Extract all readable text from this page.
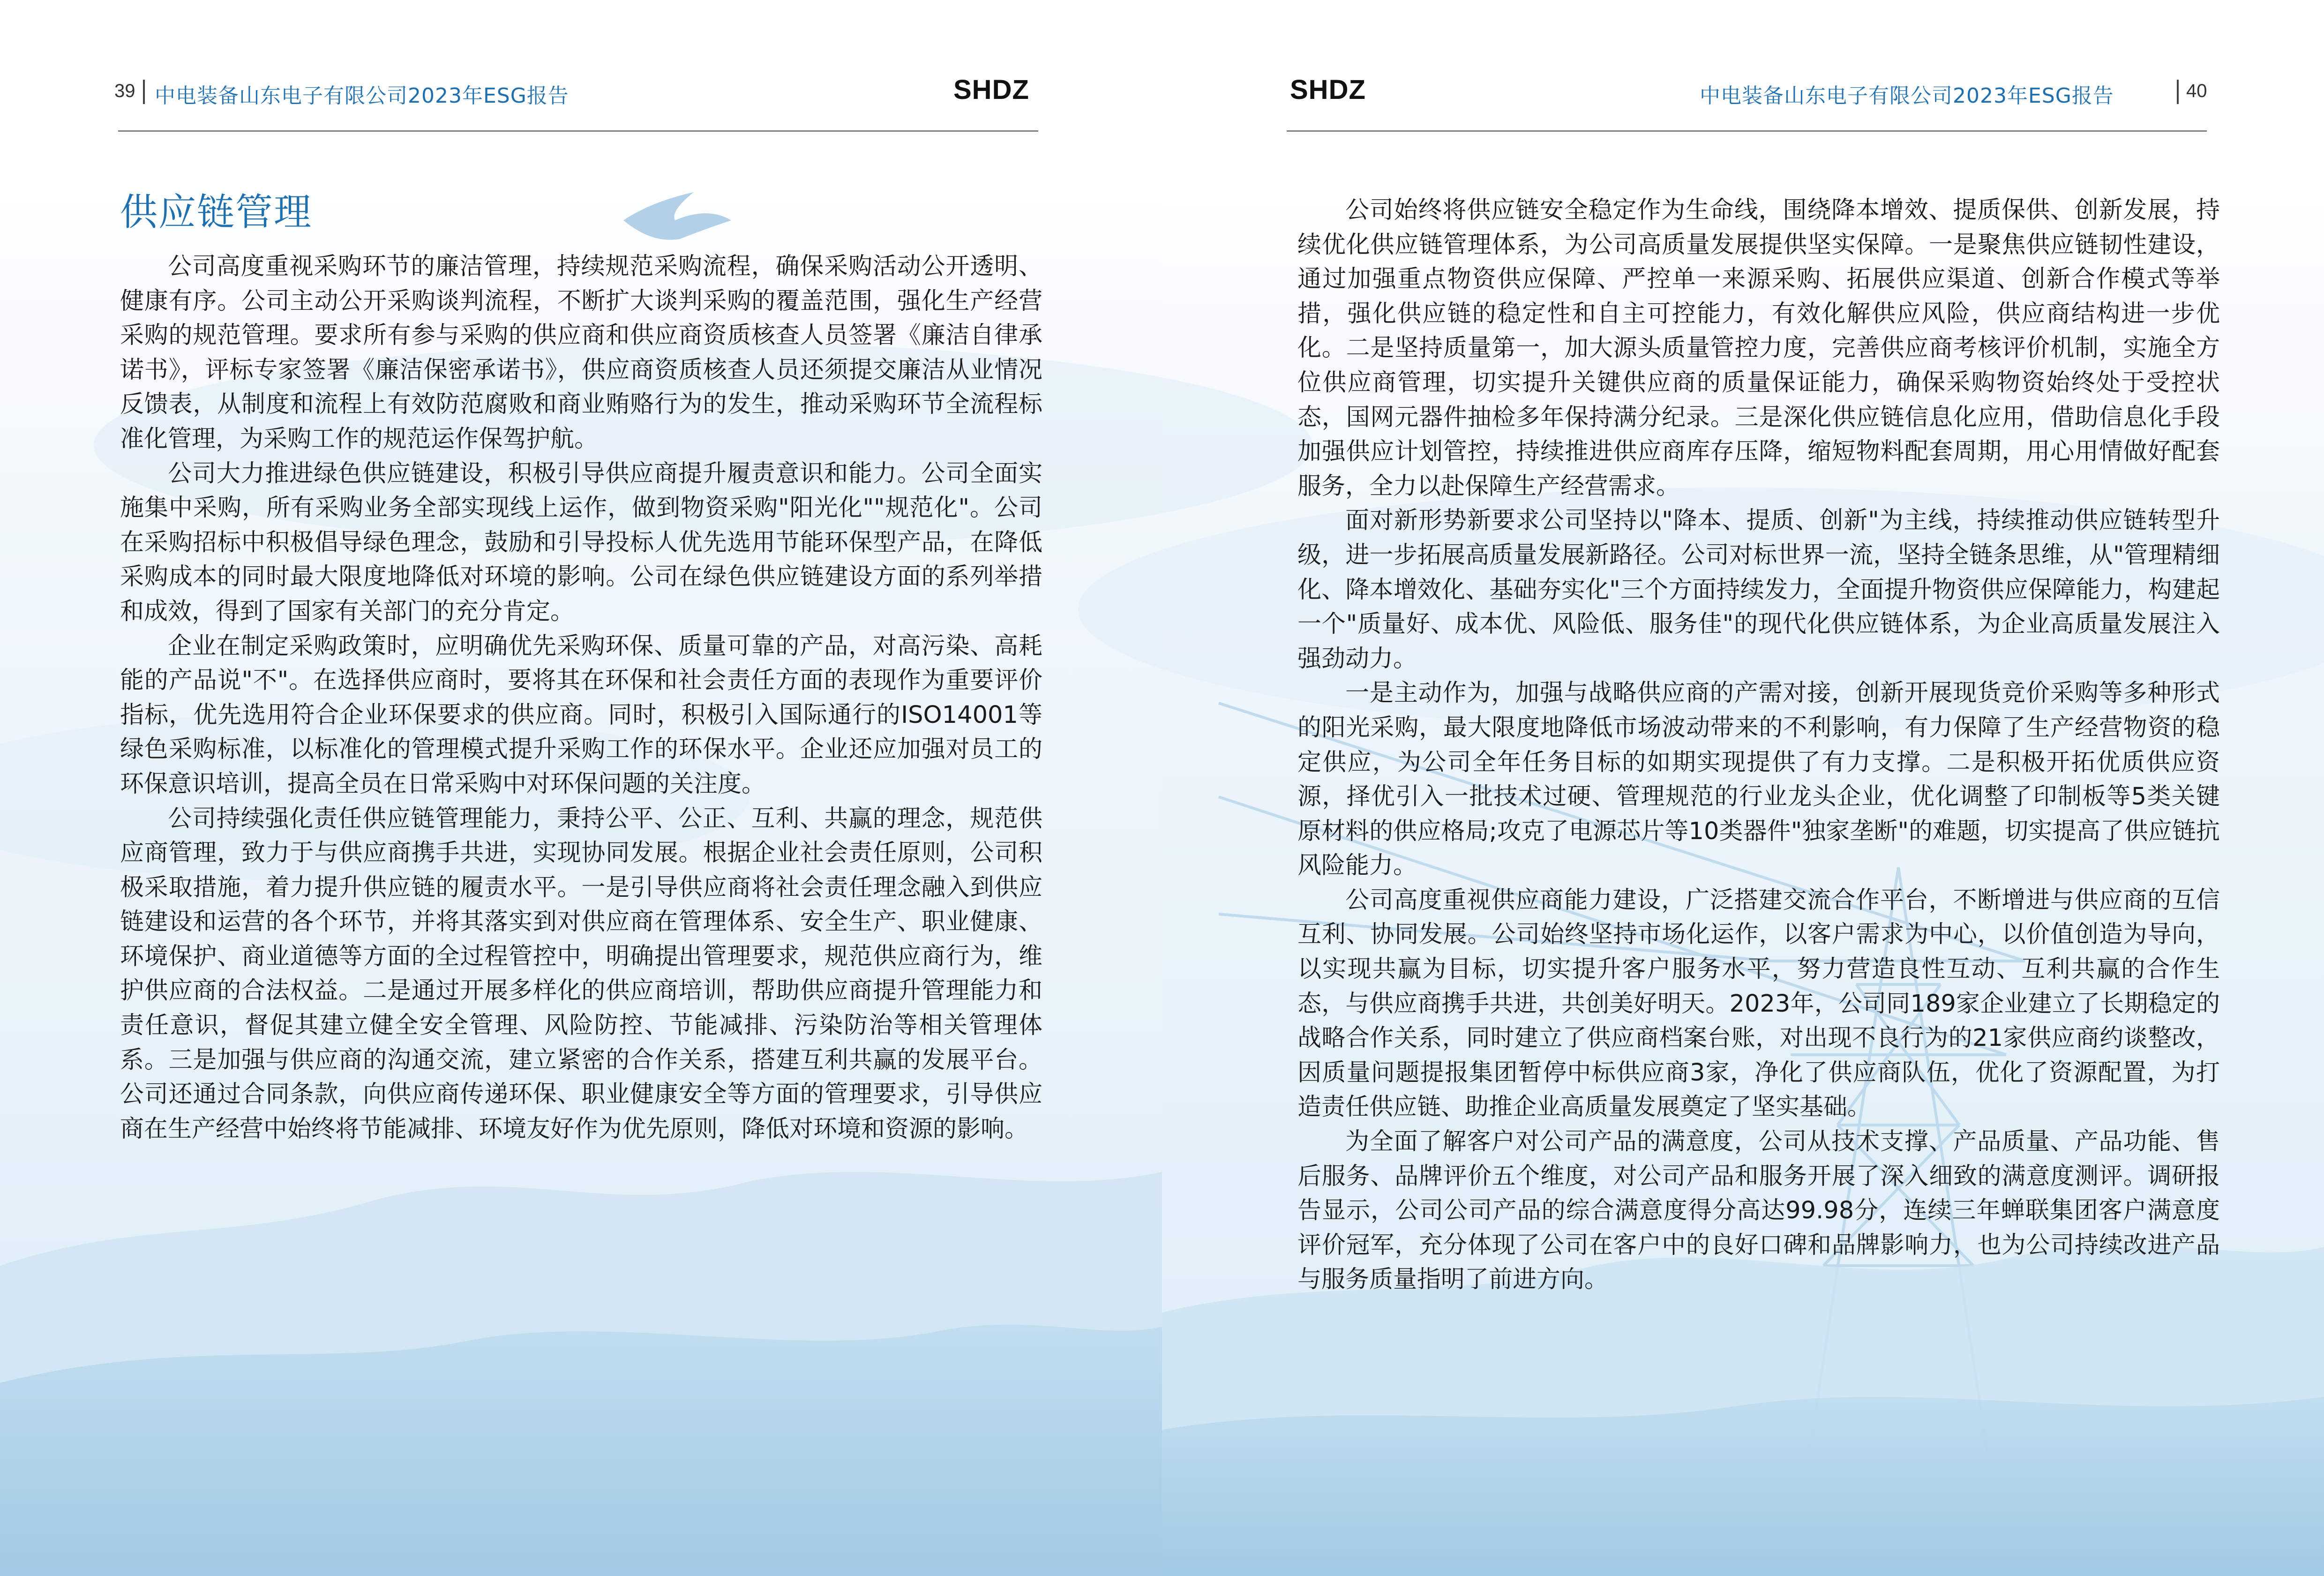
39 中电装备山东电子有限公司2023年ESG报告	SHDZ	SHDZ	中电装备山东电子有限公司2023年ESG报告	40
供应链管理

公司高度重视采购环节的廉洁管理，持续规范采购流程，确保采购活动公开透明、健康有序。公司主动公开采购谈判流程，不断扩大谈判采购的覆盖范围，强化生产经营采购的规范管理。要求所有参与采购的供应商和供应商资质核查人员签署《廉洁自律承诺书》，评标专家签署《廉洁保密承诺书》，供应商资质核查人员还须提交廉洁从业情况反馈表，从制度和流程上有效防范腐败和商业贿赂行为的发生，推动采购环节全流程标准化管理，为采购工作的规范运作保驾护航。

公司大力推进绿色供应链建设，积极引导供应商提升履责意识和能力。公司全面实施集中采购，所有采购业务全部实现线上运作，做到物资采购"阳光化""规范化"。公司在采购招标中积极倡导绿色理念，鼓励和引导投标人优先选用节能环保型产品，在降低采购成本的同时最大限度地降低对环境的影响。公司在绿色供应链建设方面的系列举措和成效，得到了国家有关部门的充分肯定。

企业在制定采购政策时，应明确优先采购环保、质量可靠的产品，对高污染、高耗能的产品说"不"。在选择供应商时，要将其在环保和社会责任方面的表现作为重要评价指标，优先选用符合企业环保要求的供应商。同时，积极引入国际通行的ISO14001等绿色采购标准，以标准化的管理模式提升采购工作的环保水平。企业还应加强对员工的环保意识培训，提高全员在日常采购中对环保问题的关注度。

公司持续强化责任供应链管理能力，秉持公平、公正、互利、共赢的理念，规范供应商管理，致力于与供应商携手共进，实现协同发展。根据企业社会责任原则，公司积极采取措施，着力提升供应链的履责水平。一是引导供应商将社会责任理念融入到供应链建设和运营的各个环节，并将其落实到对供应商在管理体系、安全生产、职业健康、环境保护、商业道德等方面的全过程管控中，明确提出管理要求，规范供应商行为，维护供应商的合法权益。二是通过开展多样化的供应商培训，帮助供应商提升管理能力和责任意识，督促其建立健全安全管理、风险防控、节能减排、污染防治等相关管理体系。三是加强与供应商的沟通交流，建立紧密的合作关系，搭建互利共赢的发展平台。公司还通过合同条款，向供应商传递环保、职业健康安全等方面的管理要求，引导供应商在生产经营中始终将节能减排、环境友好作为优先原则，降低对环境和资源的影响。

公司始终将供应链安全稳定作为生命线，围绕降本增效、提质保供、创新发展，持续优化供应链管理体系，为公司高质量发展提供坚实保障。一是聚焦供应链韧性建设，通过加强重点物资供应保障、严控单一来源采购、拓展供应渠道、创新合作模式等举措，强化供应链的稳定性和自主可控能力，有效化解供应风险，供应商结构进一步优化。二是坚持质量第一，加大源头质量管控力度，完善供应商考核评价机制，实施全方位供应商管理，切实提升关键供应商的质量保证能力，确保采购物资始终处于受控状态，国网元器件抽检多年保持满分纪录。三是深化供应链信息化应用，借助信息化手段加强供应计划管控，持续推进供应商库存压降，缩短物料配套周期，用心用情做好配套服务，全力以赴保障生产经营需求。

面对新形势新要求公司坚持以"降本、提质、创新"为主线，持续推动供应链转型升级，进一步拓展高质量发展新路径。公司对标世界一流，坚持全链条思维，从"管理精细化、降本增效化、基础夯实化"三个方面持续发力，全面提升物资供应保障能力，构建起一个"质量好、成本优、风险低、服务佳"的现代化供应链体系，为企业高质量发展注入强劲动力。

一是主动作为，加强与战略供应商的产需对接，创新开展现货竞价采购等多种形式的阳光采购，最大限度地降低市场波动带来的不利影响，有力保障了生产经营物资的稳定供应，为公司全年任务目标的如期实现提供了有力支撑。二是积极开拓优质供应资源，择优引入一批技术过硬、管理规范的行业龙头企业，优化调整了印制板等5类关键原材料的供应格局;攻克了电源芯片等10类器件"独家垄断"的难题，切实提高了供应链抗风险能力。

公司高度重视供应商能力建设，广泛搭建交流合作平台，不断增进与供应商的互信互利、协同发展。公司始终坚持市场化运作，以客户需求为中心，以价值创造为导向，以实现共赢为目标，切实提升客户服务水平，努力营造良性互动、互利共赢的合作生态，与供应商携手共进，共创美好明天。2023年，公司同189家企业建立了长期稳定的战略合作关系，同时建立了供应商档案台账，对出现不良行为的21家供应商约谈整改，因质量问题提报集团暂停中标供应商3家，净化了供应商队伍，优化了资源配置，为打造责任供应链、助推企业高质量发展奠定了坚实基础。

为全面了解客户对公司产品的满意度，公司从技术支撑、产品质量、产品功能、售后服务、品牌评价五个维度，对公司产品和服务开展了深入细致的满意度测评。调研报告显示，公司公司产品的综合满意度得分高达99.98分，连续三年蝉联集团客户满意度评价冠军，充分体现了公司在客户中的良好口碑和品牌影响力，也为公司持续改进产品与服务质量指明了前进方向。
